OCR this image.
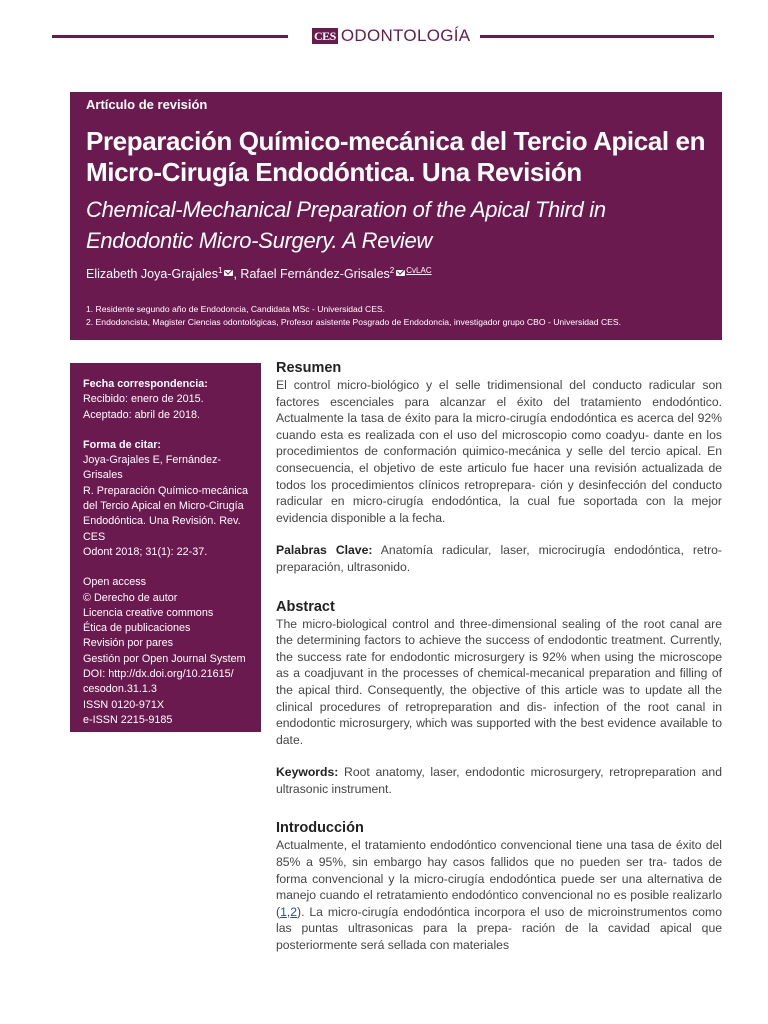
CES ODONTOLOGÍA
Artículo de revisión
Preparación Químico-mecánica del Tercio Apical en Micro-Cirugía Endodóntica. Una Revisión
Chemical-Mechanical Preparation of the Apical Third in Endodontic Micro-Surgery. A Review
Elizabeth Joya-Grajales$^1$ , Rafael Fernández-Grisales$^2$ $^{CvLAC}$
1. Residente segundo año de Endodoncia, Candidata MSc - Universidad CES.
2. Endodoncista, Magister Ciencias odontológicas, Profesor asistente Posgrado de Endodoncia, investigador grupo CBO - Universidad CES.
Fecha correspondencia:
Recibido: enero de 2015.
Aceptado: abril de 2018.
Forma de citar:
Joya-Grajales E, Fernández-Grisales
R. Preparación Químico-mecánica
del Tercio Apical en Micro-Cirugía
Endodóntica. Una Revisión. Rev. CES
Odont 2018; 31(1): 22-37.
Open access
© Derecho de autor
Licencia creative commons
Ética de publicaciones
Revisión por pares
Gestión por Open Journal System
DOI: http://dx.doi.org/10.21615/
cesodon.31.1.3
ISSN 0120-971X
e-ISSN 2215-9185
Resumen

El control micro-biológico y el selle tridimensional del conducto radicular son factores escenciales para alcanzar el éxito del tratamiento endodóntico. Actualmente la tasa de éxito para la micro-cirugía endodóntica es acerca del 92% cuando esta es realizada con el uso del microscopio como coadyu- dante en los procedimientos de conformación quimico-mecánica y selle del tercio apical. En consecuencia, el objetivo de este articulo fue hacer una revisión actualizada de todos los procedimientos clínicos retroprepara- ción y desinfección del conducto radicular en micro-cirugía endodóntica, la cual fue soportada con la mejor evidencia disponible a la fecha.

Palabras Clave: Anatomía radicular, laser, microcirugía endodóntica, retro- preparación, ultrasonido.

Abstract

The micro-biological control and three-dimensional sealing of the root canal are the determining factors to achieve the success of endodontic treatment. Currently, the success rate for endodontic microsurgery is 92% when using the microscope as a coadjuvant in the processes of chemical-mecanical preparation and filling of the apical third. Consequently, the objective of this article was to update all the clinical procedures of retropreparation and dis- infection of the root canal in endodontic microsurgery, which was supported with the best evidence available to date.

Keywords: Root anatomy, laser, endodontic microsurgery, retropreparation and ultrasonic instrument.

Introducción

Actualmente, el tratamiento endodóntico convencional tiene una tasa de éxito del 85% a 95%, sin embargo hay casos fallidos que no pueden ser tra- tados de forma convencional y la micro-cirugía endodóntica puede ser una alternativa de manejo cuando el retratamiento endodóntico convencional no es posible realizarlo (1,2). La micro-cirugía endodóntica incorpora el uso de microinstrumentos como las puntas ultrasonicas para la prepa- ración de la cavidad apical que posteriormente será sellada con materiales
